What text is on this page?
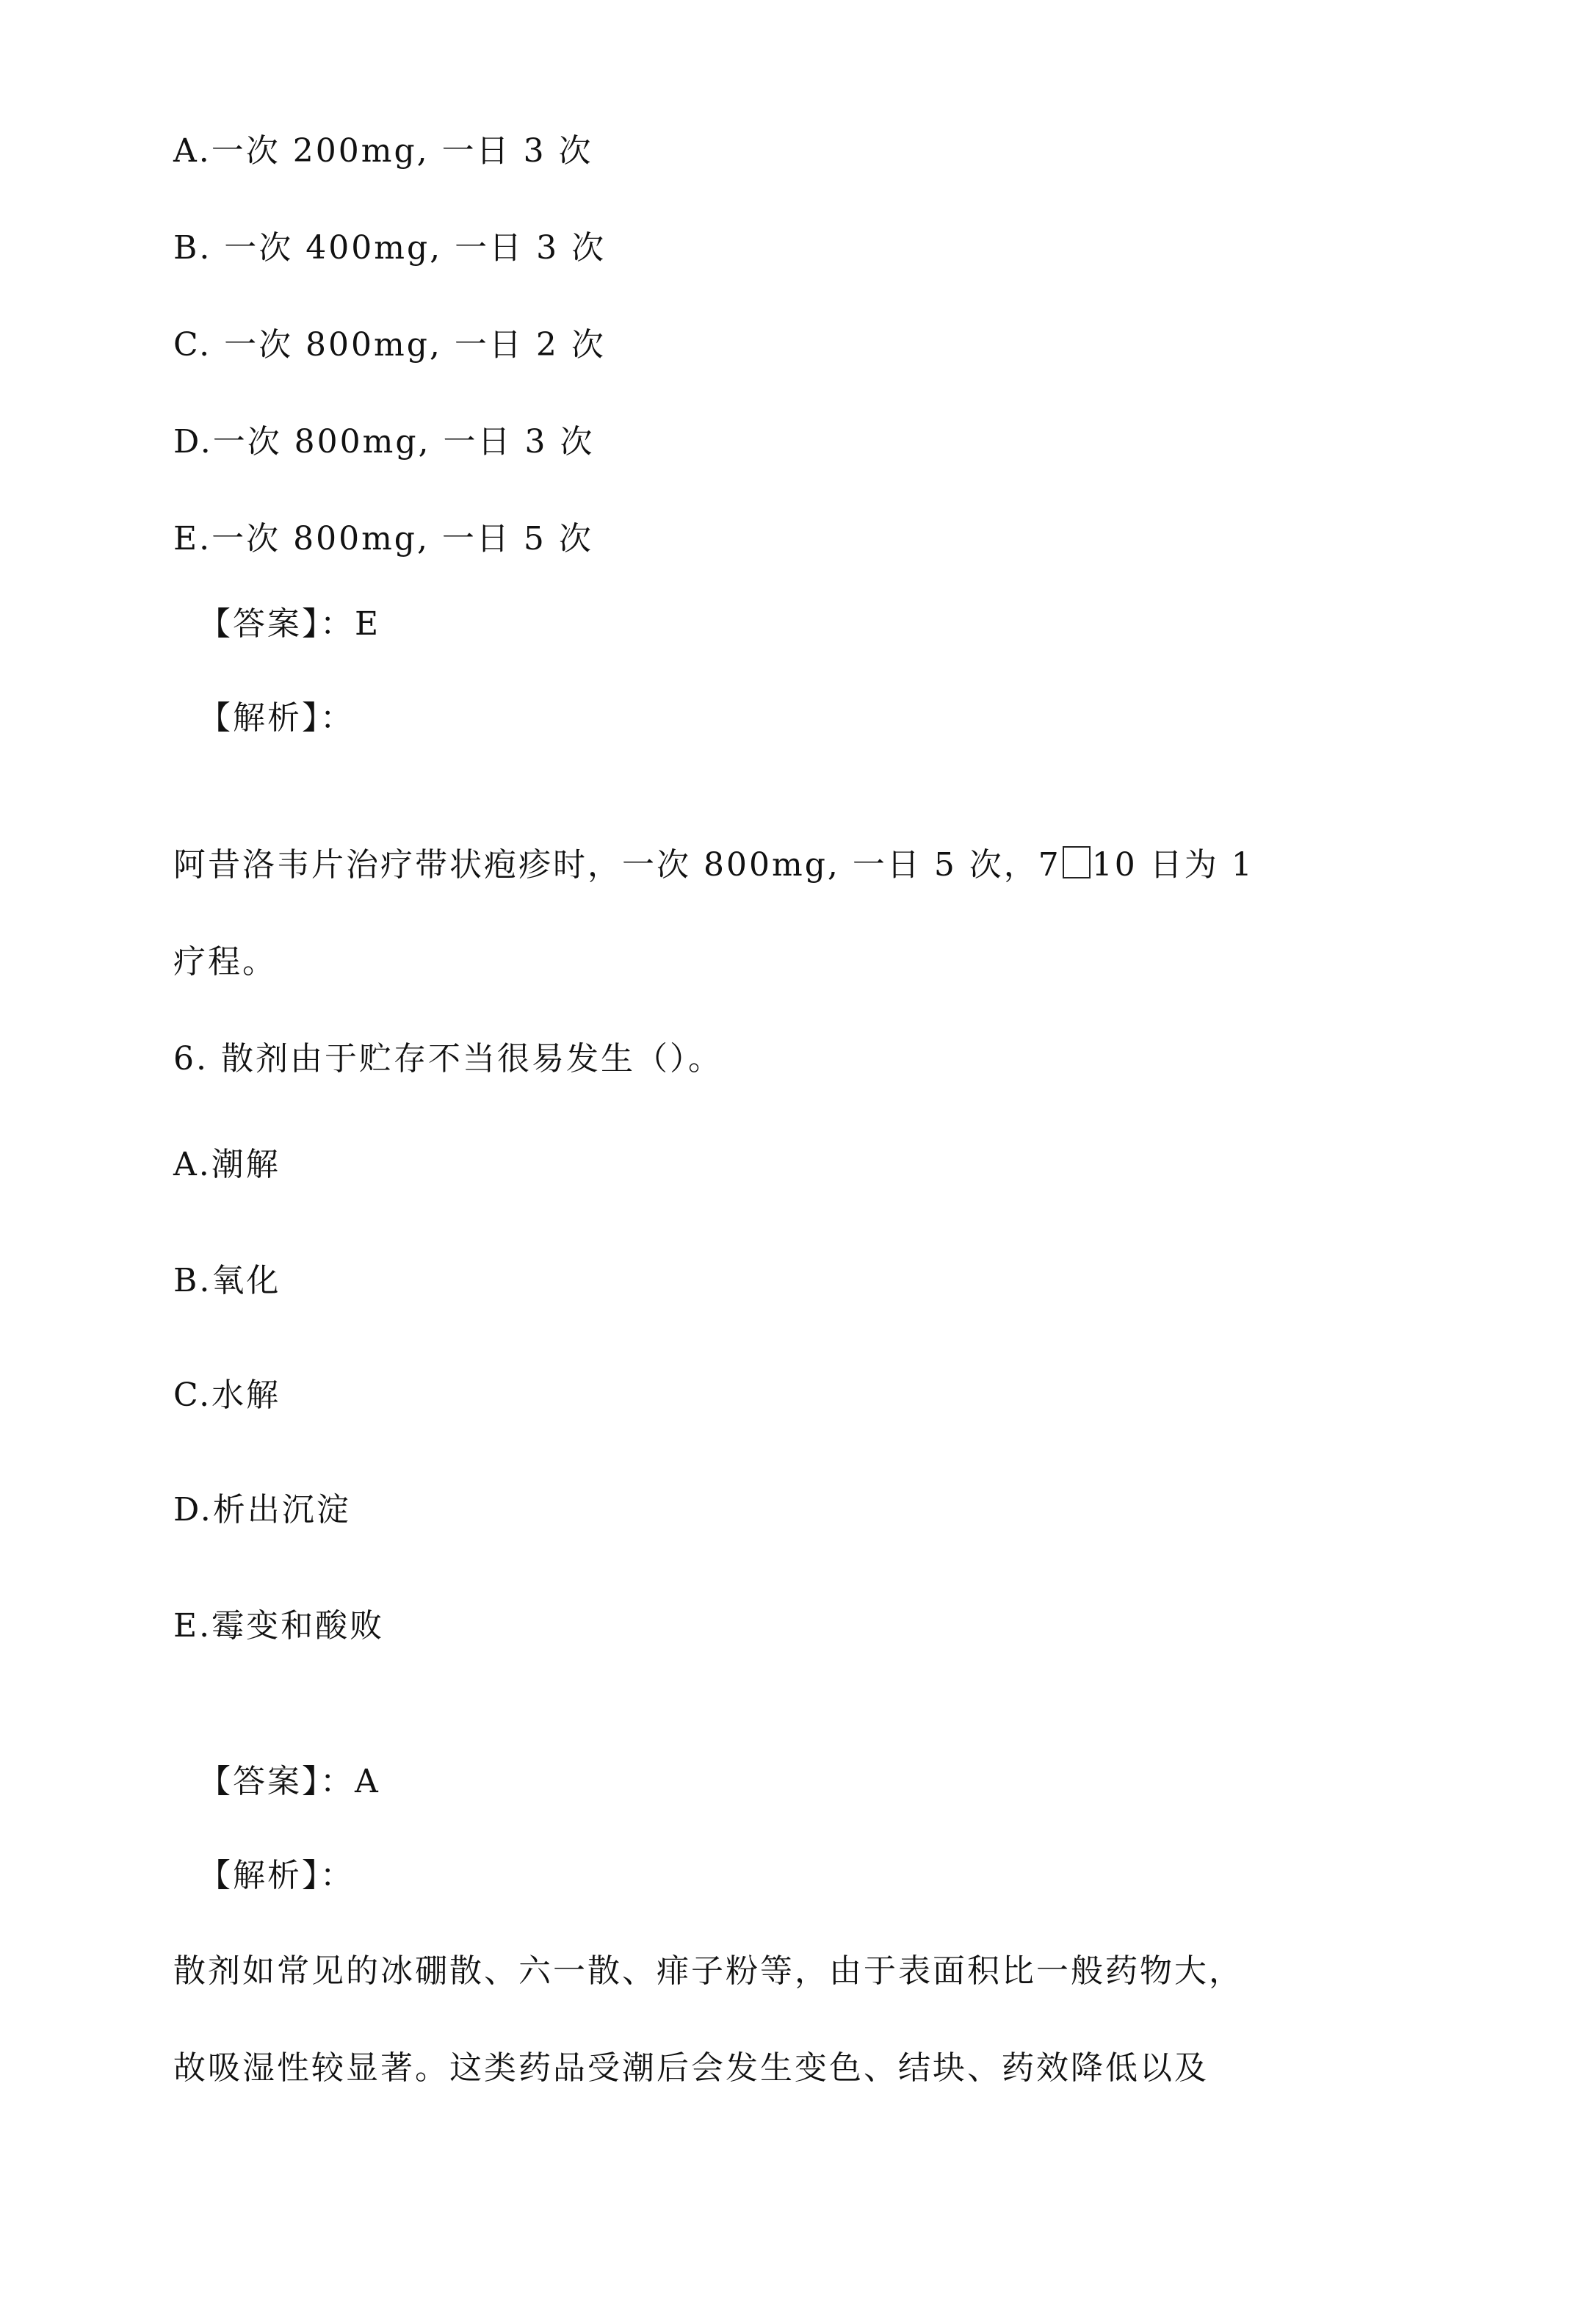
A.一次 200mg, 一日 3 次
B. 一次 400mg, 一日 3 次
C. 一次 800mg, 一日 2 次
D.一次 800mg, 一日 3 次
E.一次 800mg, 一日 5 次
【答案】：E
【解析】：
阿昔洛韦片治疗带状疱疹时，一次 800mg, 一日 5 次，7 10 日为 1
疗程。
6. 散剂由于贮存不当很易发生（）。
A.潮解
B.氧化
C.水解
D.析出沉淀
E.霉变和酸败
【答案】：A
【解析】：
散剂如常见的冰硼散、六一散、痱子粉等，由于表面积比一般药物大，
故吸湿性较显著。这类药品受潮后会发生变色、结块、药效降低以及
